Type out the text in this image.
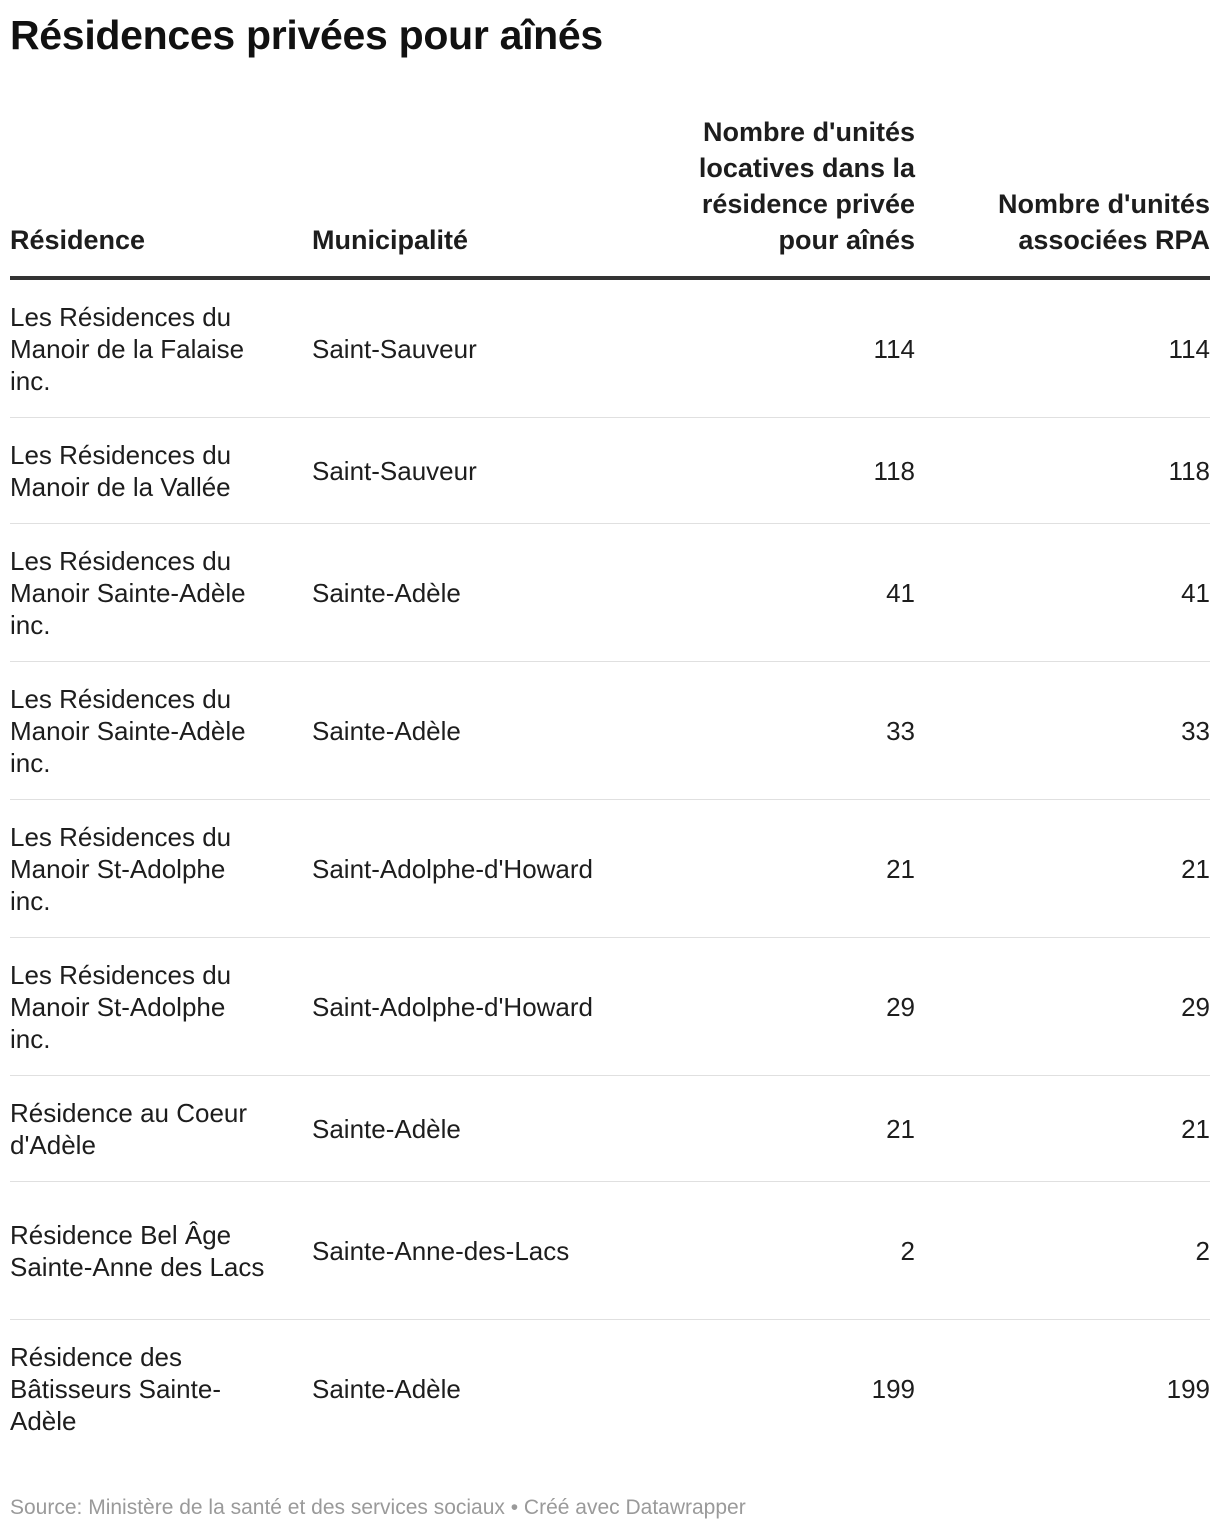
Résidences privées pour aînés
Résidence	Municipalité	Nombre d'unités locatives dans la résidence privée pour aînés	Nombre d'unités associées RPA
Les Résidences du Manoir de la Falaise inc.	Saint-Sauveur	114	114
Les Résidences du Manoir de la Vallée	Saint-Sauveur	118	118
Les Résidences du Manoir Sainte-Adèle inc.	Sainte-Adèle	41	41
Les Résidences du Manoir Sainte-Adèle inc.	Sainte-Adèle	33	33
Les Résidences du Manoir St-Adolphe inc.	Saint-Adolphe-d'Howard	21	21
Les Résidences du Manoir St-Adolphe inc.	Saint-Adolphe-d'Howard	29	29
Résidence au Coeur d'Adèle	Sainte-Adèle	21	21
Résidence Bel Âge Sainte-Anne des Lacs	Sainte-Anne-des-Lacs	2	2
Résidence des Bâtisseurs Sainte-Adèle	Sainte-Adèle	199	199
Source: Ministère de la santé et des services sociaux • Créé avec Datawrapper
